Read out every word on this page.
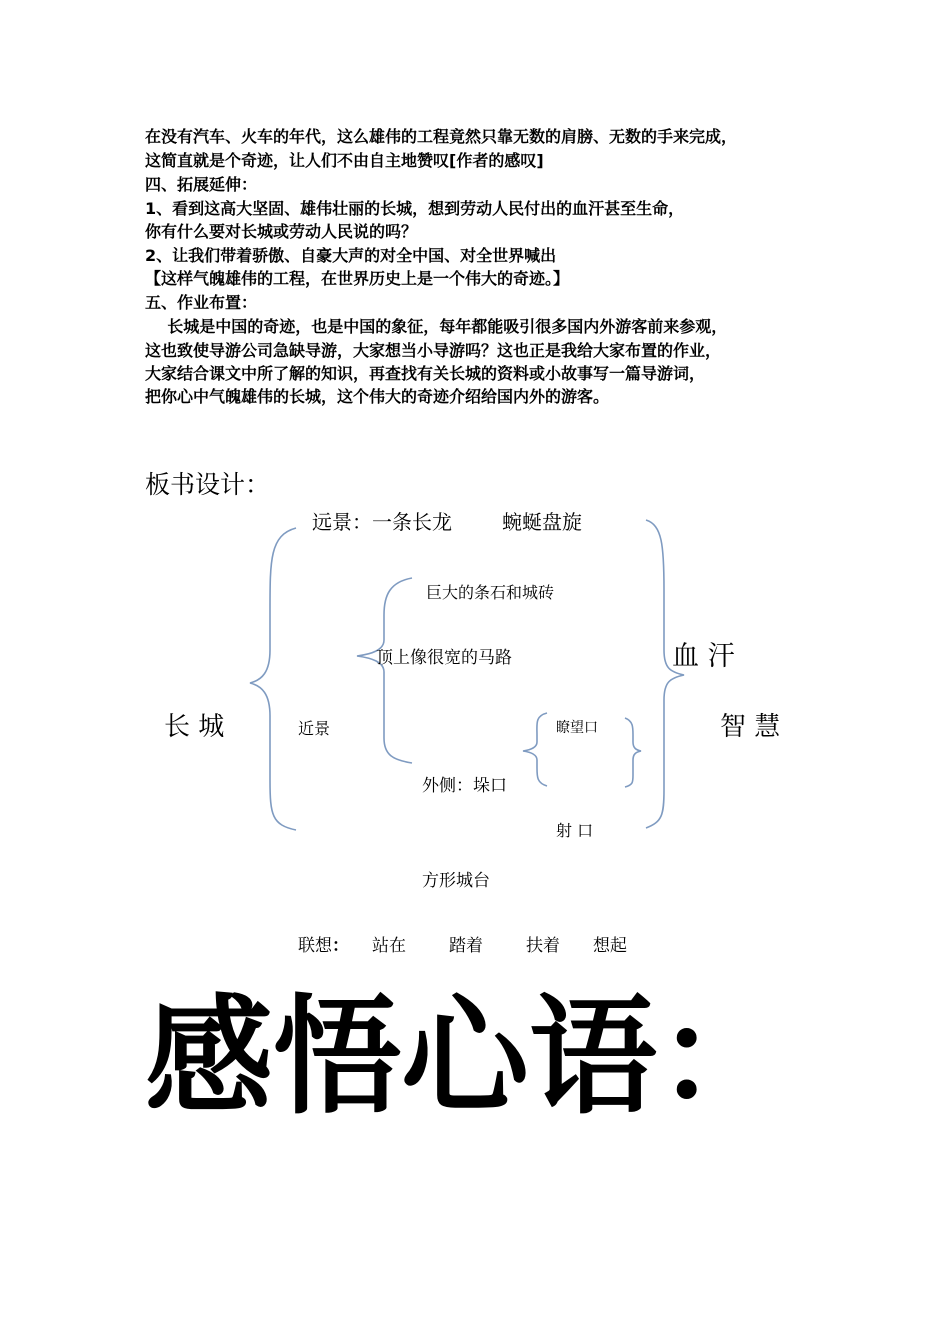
在没有汽车、火车的年代，这么雄伟的工程竟然只靠无数的肩膀、无数的手来完成，

这简直就是个奇迹，让人们不由自主地赞叹[作者的感叹]

四、拓展延伸：

1、看到这高大坚固、雄伟壮丽的长城，想到劳动人民付出的血汗甚至生命，

你有什么要对长城或劳动人民说的吗？

2、让我们带着骄傲、自豪大声的对全中国、对全世界喊出

【这样气魄雄伟的工程，在世界历史上是一个伟大的奇迹。】

五、作业布置：

长城是中国的奇迹，也是中国的象征，每年都能吸引很多国内外游客前来参观，

这也致使导游公司急缺导游，大家想当小导游吗？这也正是我给大家布置的作业，

大家结合课文中所了解的知识，再查找有关长城的资料或小故事写一篇导游词，

把你心中气魄雄伟的长城，这个伟大的奇迹介绍给国内外的游客。

板书设计：
远景：一条长龙	蜿蜒盘旋
巨大的条石和城砖
顶上像很宽的马路
长 城	近景	瞭望口
外侧：垛口
射 口
方形城台
血 汗
智 慧
联想： 站在	踏着	扶着 想起
感悟心语：
